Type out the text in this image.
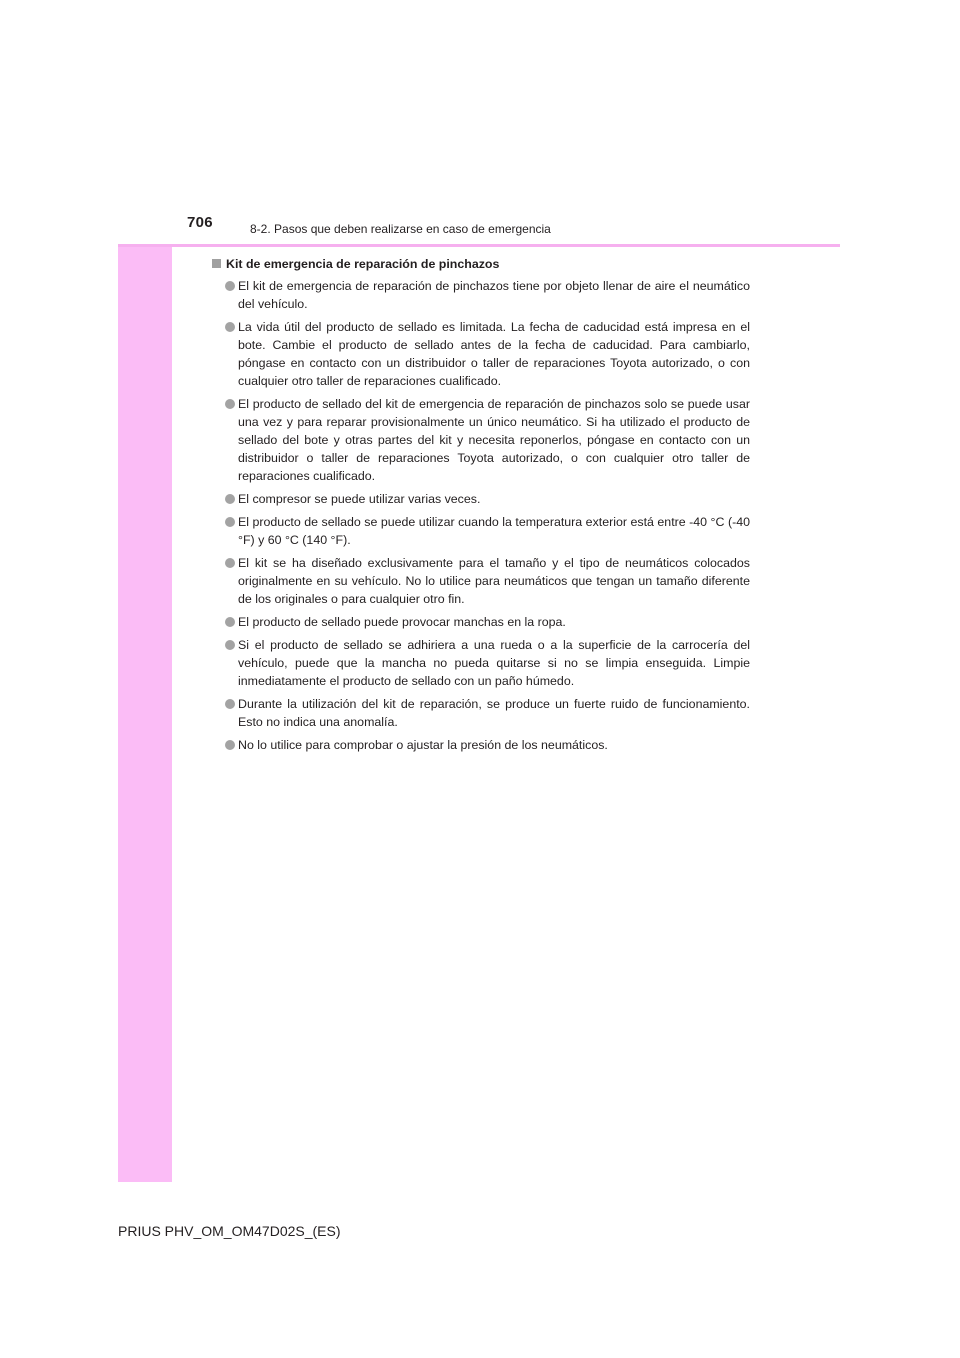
706	8-2. Pasos que deben realizarse en caso de emergencia
Kit de emergencia de reparación de pinchazos
El kit de emergencia de reparación de pinchazos tiene por objeto llenar de aire el neumático del vehículo.
La vida útil del producto de sellado es limitada. La fecha de caducidad está impresa en el bote. Cambie el producto de sellado antes de la fecha de caducidad. Para cambiarlo, póngase en contacto con un distribuidor o taller de reparaciones Toyota autorizado, o con cualquier otro taller de reparaciones cualificado.
El producto de sellado del kit de emergencia de reparación de pinchazos solo se puede usar una vez y para reparar provisionalmente un único neumático. Si ha utilizado el producto de sellado del bote y otras partes del kit y necesita reponerlos, póngase en contacto con un distribuidor o taller de reparaciones Toyota autorizado, o con cualquier otro taller de reparaciones cualificado.
El compresor se puede utilizar varias veces.
El producto de sellado se puede utilizar cuando la temperatura exterior está entre -40 °C (-40 °F) y 60 °C (140 °F).
El kit se ha diseñado exclusivamente para el tamaño y el tipo de neumáticos colocados originalmente en su vehículo. No lo utilice para neumáticos que tengan un tamaño diferente de los originales o para cualquier otro fin.
El producto de sellado puede provocar manchas en la ropa.
Si el producto de sellado se adhiriera a una rueda o a la superficie de la carrocería del vehículo, puede que la mancha no pueda quitarse si no se limpia enseguida. Limpie inmediatamente el producto de sellado con un paño húmedo.
Durante la utilización del kit de reparación, se produce un fuerte ruido de funcionamiento. Esto no indica una anomalía.
No lo utilice para comprobar o ajustar la presión de los neumáticos.
PRIUS PHV_OM_OM47D02S_(ES)
